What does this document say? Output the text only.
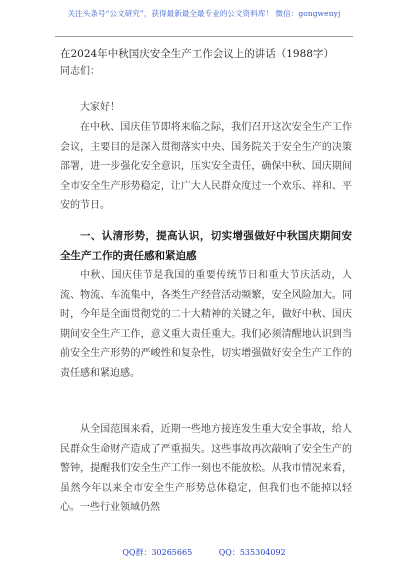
关注头条号“公文研究”，获得最新最全最专业的公文资料库！ 微信：gongwenyj
在2024年中秋国庆安全生产工作会议上的讲话（1988字）
同志们：
大家好！
在中秋、国庆佳节即将来临之际，我们召开这次安全生产工作会议，主要目的是深入贯彻落实中央、国务院关于安全生产的决策部署，进一步强化安全意识，压实安全责任，确保中秋、国庆期间全市安全生产形势稳定，让广大人民群众度过一个欢乐、祥和、平安的节日。
一、认清形势，提高认识，切实增强做好中秋国庆期间安全生产工作的责任感和紧迫感
中秋、国庆佳节是我国的重要传统节日和重大节庆活动，人流、物流、车流集中，各类生产经营活动频繁，安全风险加大。同时，今年是全面贯彻党的二十大精神的关键之年，做好中秋、国庆期间安全生产工作，意义重大责任重大。我们必须清醒地认识到当前安全生产形势的严峻性和复杂性，切实增强做好安全生产工作的责任感和紧迫感。
从全国范围来看，近期一些地方接连发生重大安全事故，给人民群众生命财产造成了严重损失。这些事故再次敲响了安全生产的警钟，提醒我们安全生产工作一刻也不能放松。从我市情况来看，虽然今年以来全市安全生产形势总体稳定，但我们也不能掉以轻心。一些行业领域仍然
QQ群：30265665	QQ：535304092
